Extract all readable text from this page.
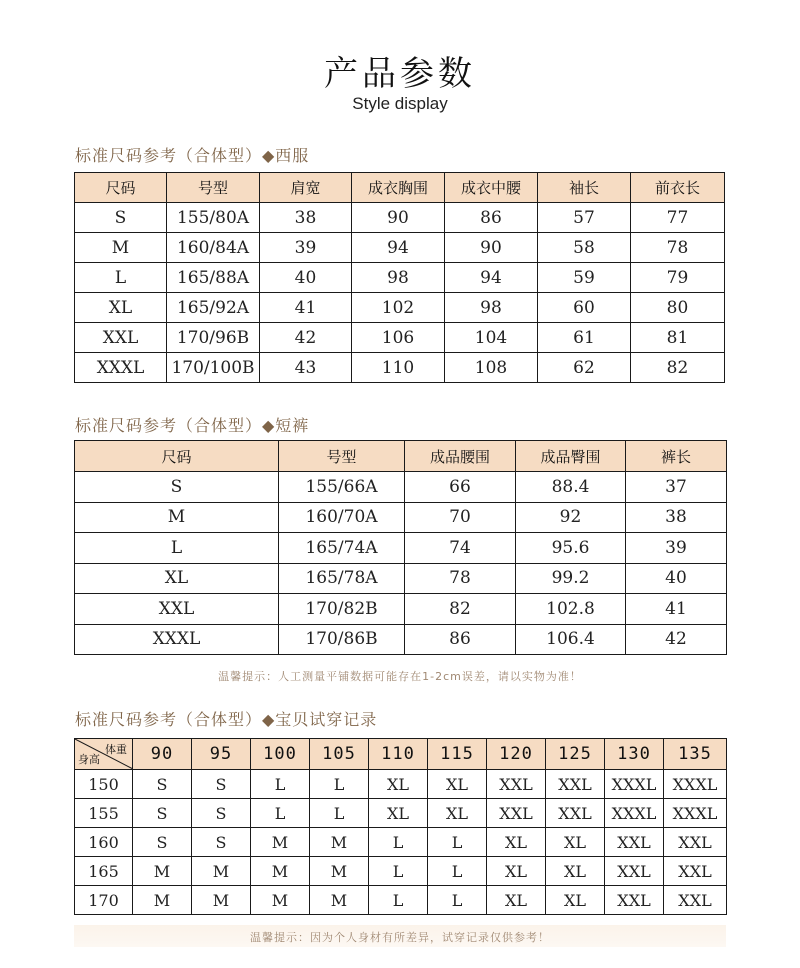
产品参数
Style display
标准尺码参考（合体型）◆西服
尺码	号型	肩宽	成衣胸围	成衣中腰	袖长	前衣长
S	155/80A	38	90	86	57	77
M	160/84A	39	94	90	58	78
L	165/88A	40	98	94	59	79
XL	165/92A	41	102	98	60	80
XXL	170/96B	42	106	104	61	81
XXXL	170/100B	43	110	108	62	82
标准尺码参考（合体型）◆短裤
尺码	号型	成品腰围	成品臀围	裤长
S	155/66A	66	88.4	37
M	160/70A	70	92	38
L	165/74A	74	95.6	39
XL	165/78A	78	99.2	40
XXL	170/82B	82	102.8	41
XXXL	170/86B	86	106.4	42
温馨提示：人工测量平铺数据可能存在1-2cm误差，请以实物为准！
标准尺码参考（合体型）◆宝贝试穿记录
体重
身高	90	95	100	105	110	115	120	125	130	135
150	S	S	L	L	XL	XL	XXL	XXL	XXXL	XXXL
155	S	S	L	L	XL	XL	XXL	XXL	XXXL	XXXL
160	S	S	M	M	L	L	XL	XL	XXL	XXL
165	M	M	M	M	L	L	XL	XL	XXL	XXL
170	M	M	M	M	L	L	XL	XL	XXL	XXL
温馨提示：因为个人身材有所差异，试穿记录仅供参考！
